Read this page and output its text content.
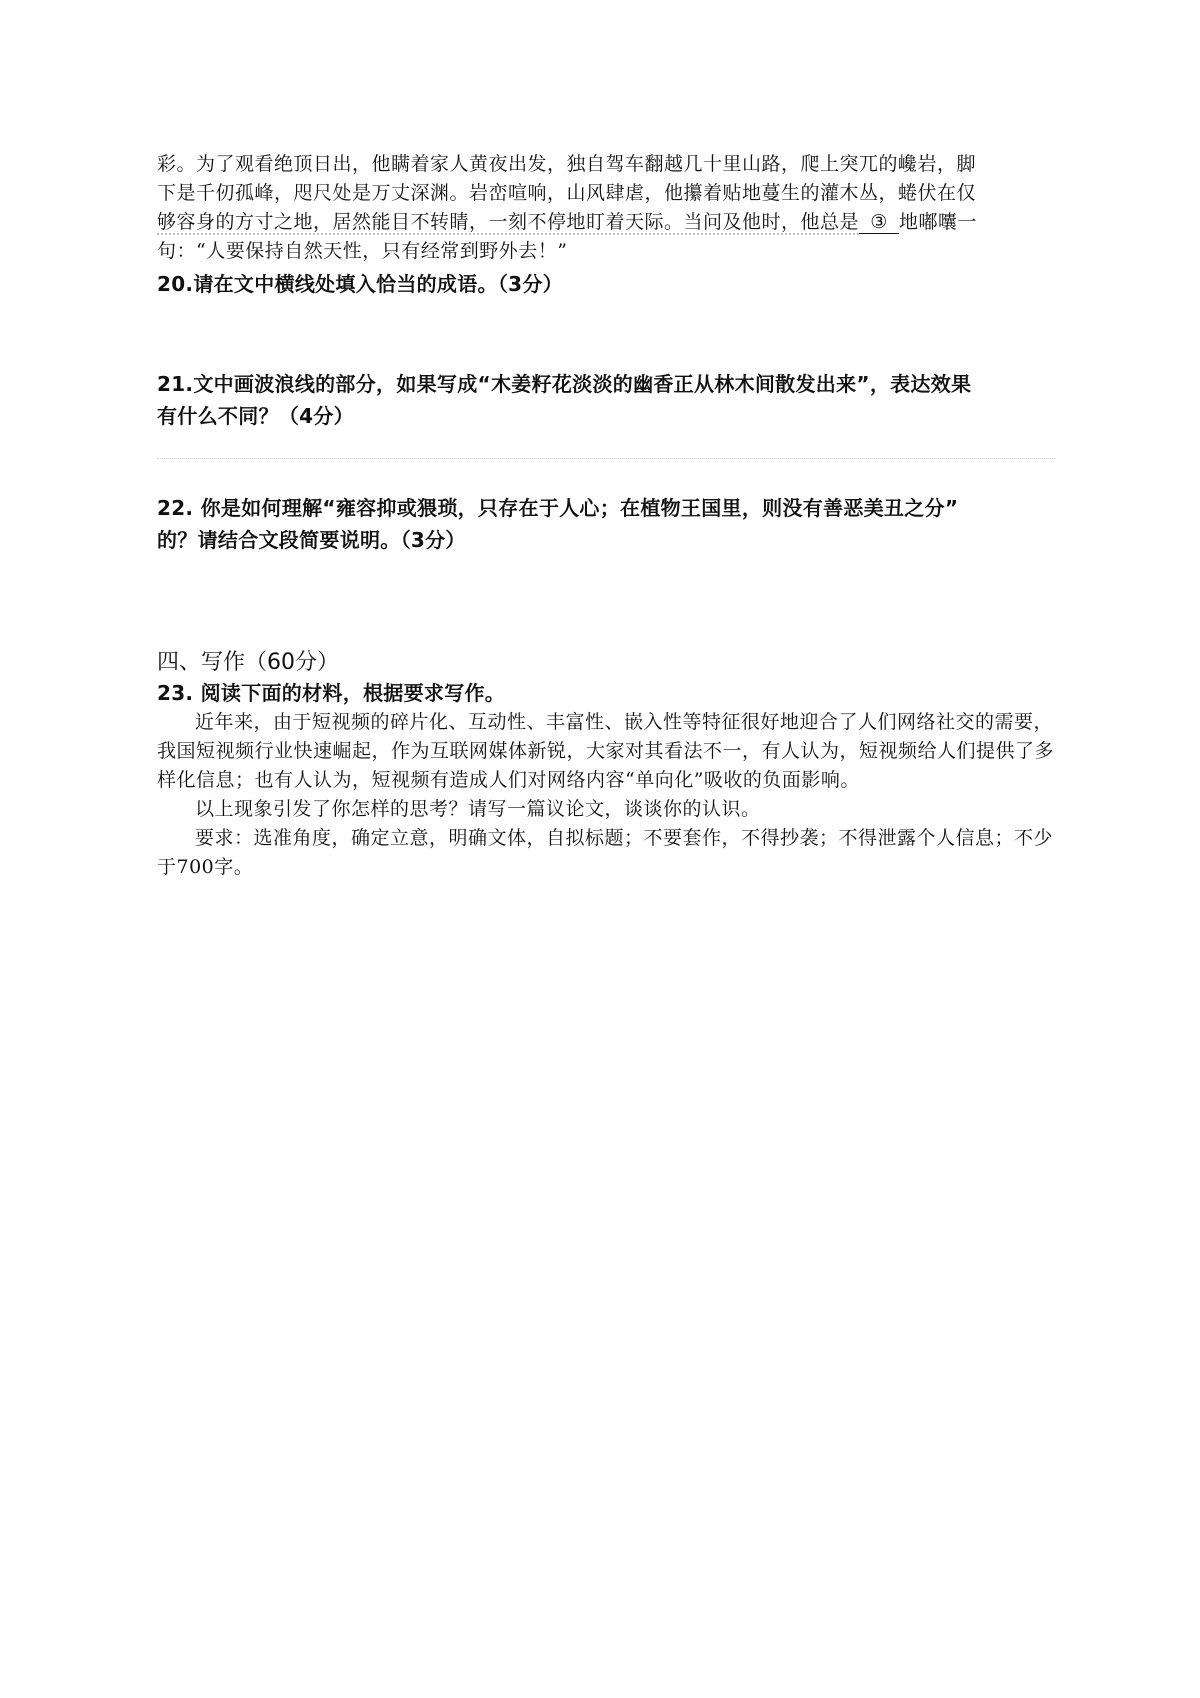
彩。为了观看绝顶日出，他瞒着家人黄夜出发，独自驾车翻越几十里山路，爬上突兀的巉岩，脚

下是千仞孤峰，咫尺处是万丈深渊。岩峦喧响，山风肆虐，他攥着贴地蔓生的灌木丛，蜷伏在仅

够容身的方寸之地，居然能目不转睛，一刻不停地盯着天际。当问及他时，他总是 ③ 地嘟囔一

句：“人要保持自然天性，只有经常到野外去！”

20.请在文中横线处填入恰当的成语。（3分）

21.文中画波浪线的部分，如果写成“木姜籽花淡淡的幽香正从林木间散发出来”，表达效果

有什么不同？（4分）

22. 你是如何理解“雍容抑或猥琐，只存在于人心；在植物王国里，则没有善恶美丑之分”

的？请结合文段简要说明。（3分）

四、写作（60分）

23. 阅读下面的材料，根据要求写作。

近年来，由于短视频的碎片化、互动性、丰富性、嵌入性等特征很好地迎合了人们网络社交的需要，我国短视频行业快速崛起，作为互联网媒体新锐，大家对其看法不一，有人认为，短视频给人们提供了多样化信息；也有人认为，短视频有造成人们对网络内容“单向化”吸收的负面影响。

以上现象引发了你怎样的思考？请写一篇议论文，谈谈你的认识。

要求：选准角度，确定立意，明确文体，自拟标题；不要套作，不得抄袭；不得泄露个人信息；不少于700字。
